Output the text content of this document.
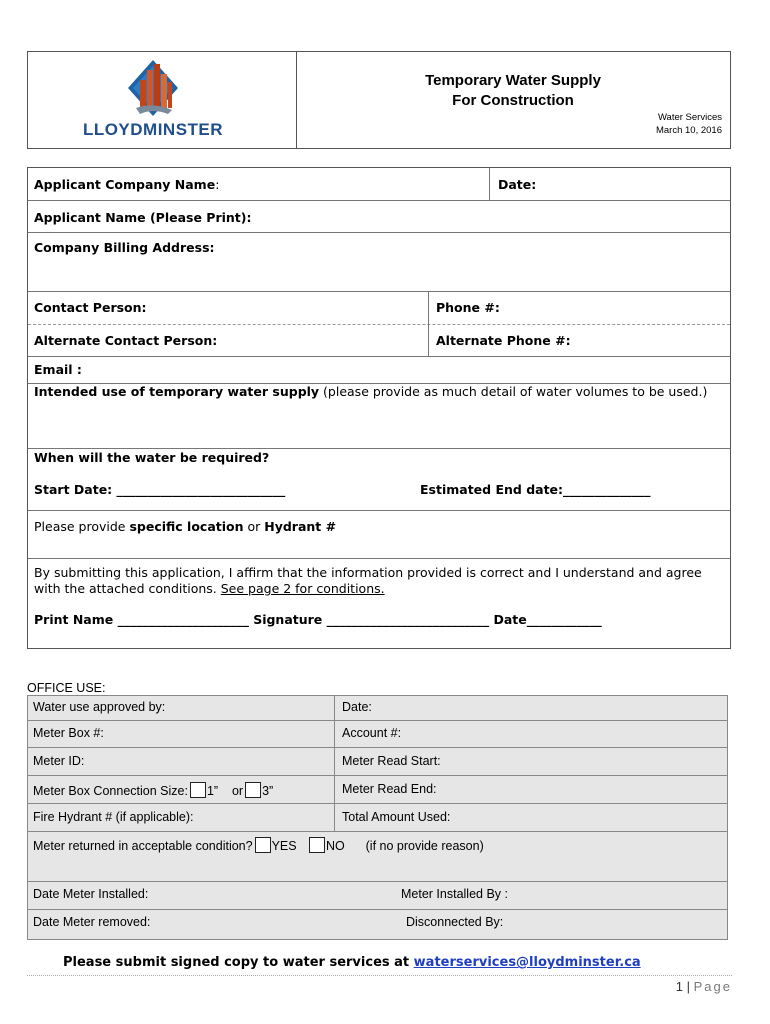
LLOYDMINSTER
Temporary Water Supply
For Construction
Water Services
March 10, 2016
Applicant Company Name:	Date:
Applicant Name (Please Print):
Company Billing Address:
Contact Person:	Phone #:
Alternate Contact Person:	Alternate Phone #:
Email :
Intended use of temporary water supply (please provide as much detail of water volumes to be used.)
When will the water be required?
Start Date: ___________________________	Estimated End date:______________
Please provide specific location or Hydrant #
By submitting this application, I affirm that the information provided is correct and I understand and agree
with the attached conditions. See page 2 for conditions.
Print Name _____________________ Signature __________________________ Date____________
OFFICE USE:
Water use approved by:	Date:
Meter Box #:	Account #:
Meter ID:	Meter Read Start:
Meter Box Connection Size: 1” or 3”	Meter Read End:
Fire Hydrant # (if applicable):	Total Amount Used:
Meter returned in acceptable condition? YES NO (if no provide reason)
Date Meter Installed:	Meter Installed By :
Date Meter removed:	Disconnected By:
Please submit signed copy to water services at waterservices@lloydminster.ca
1 | Page
